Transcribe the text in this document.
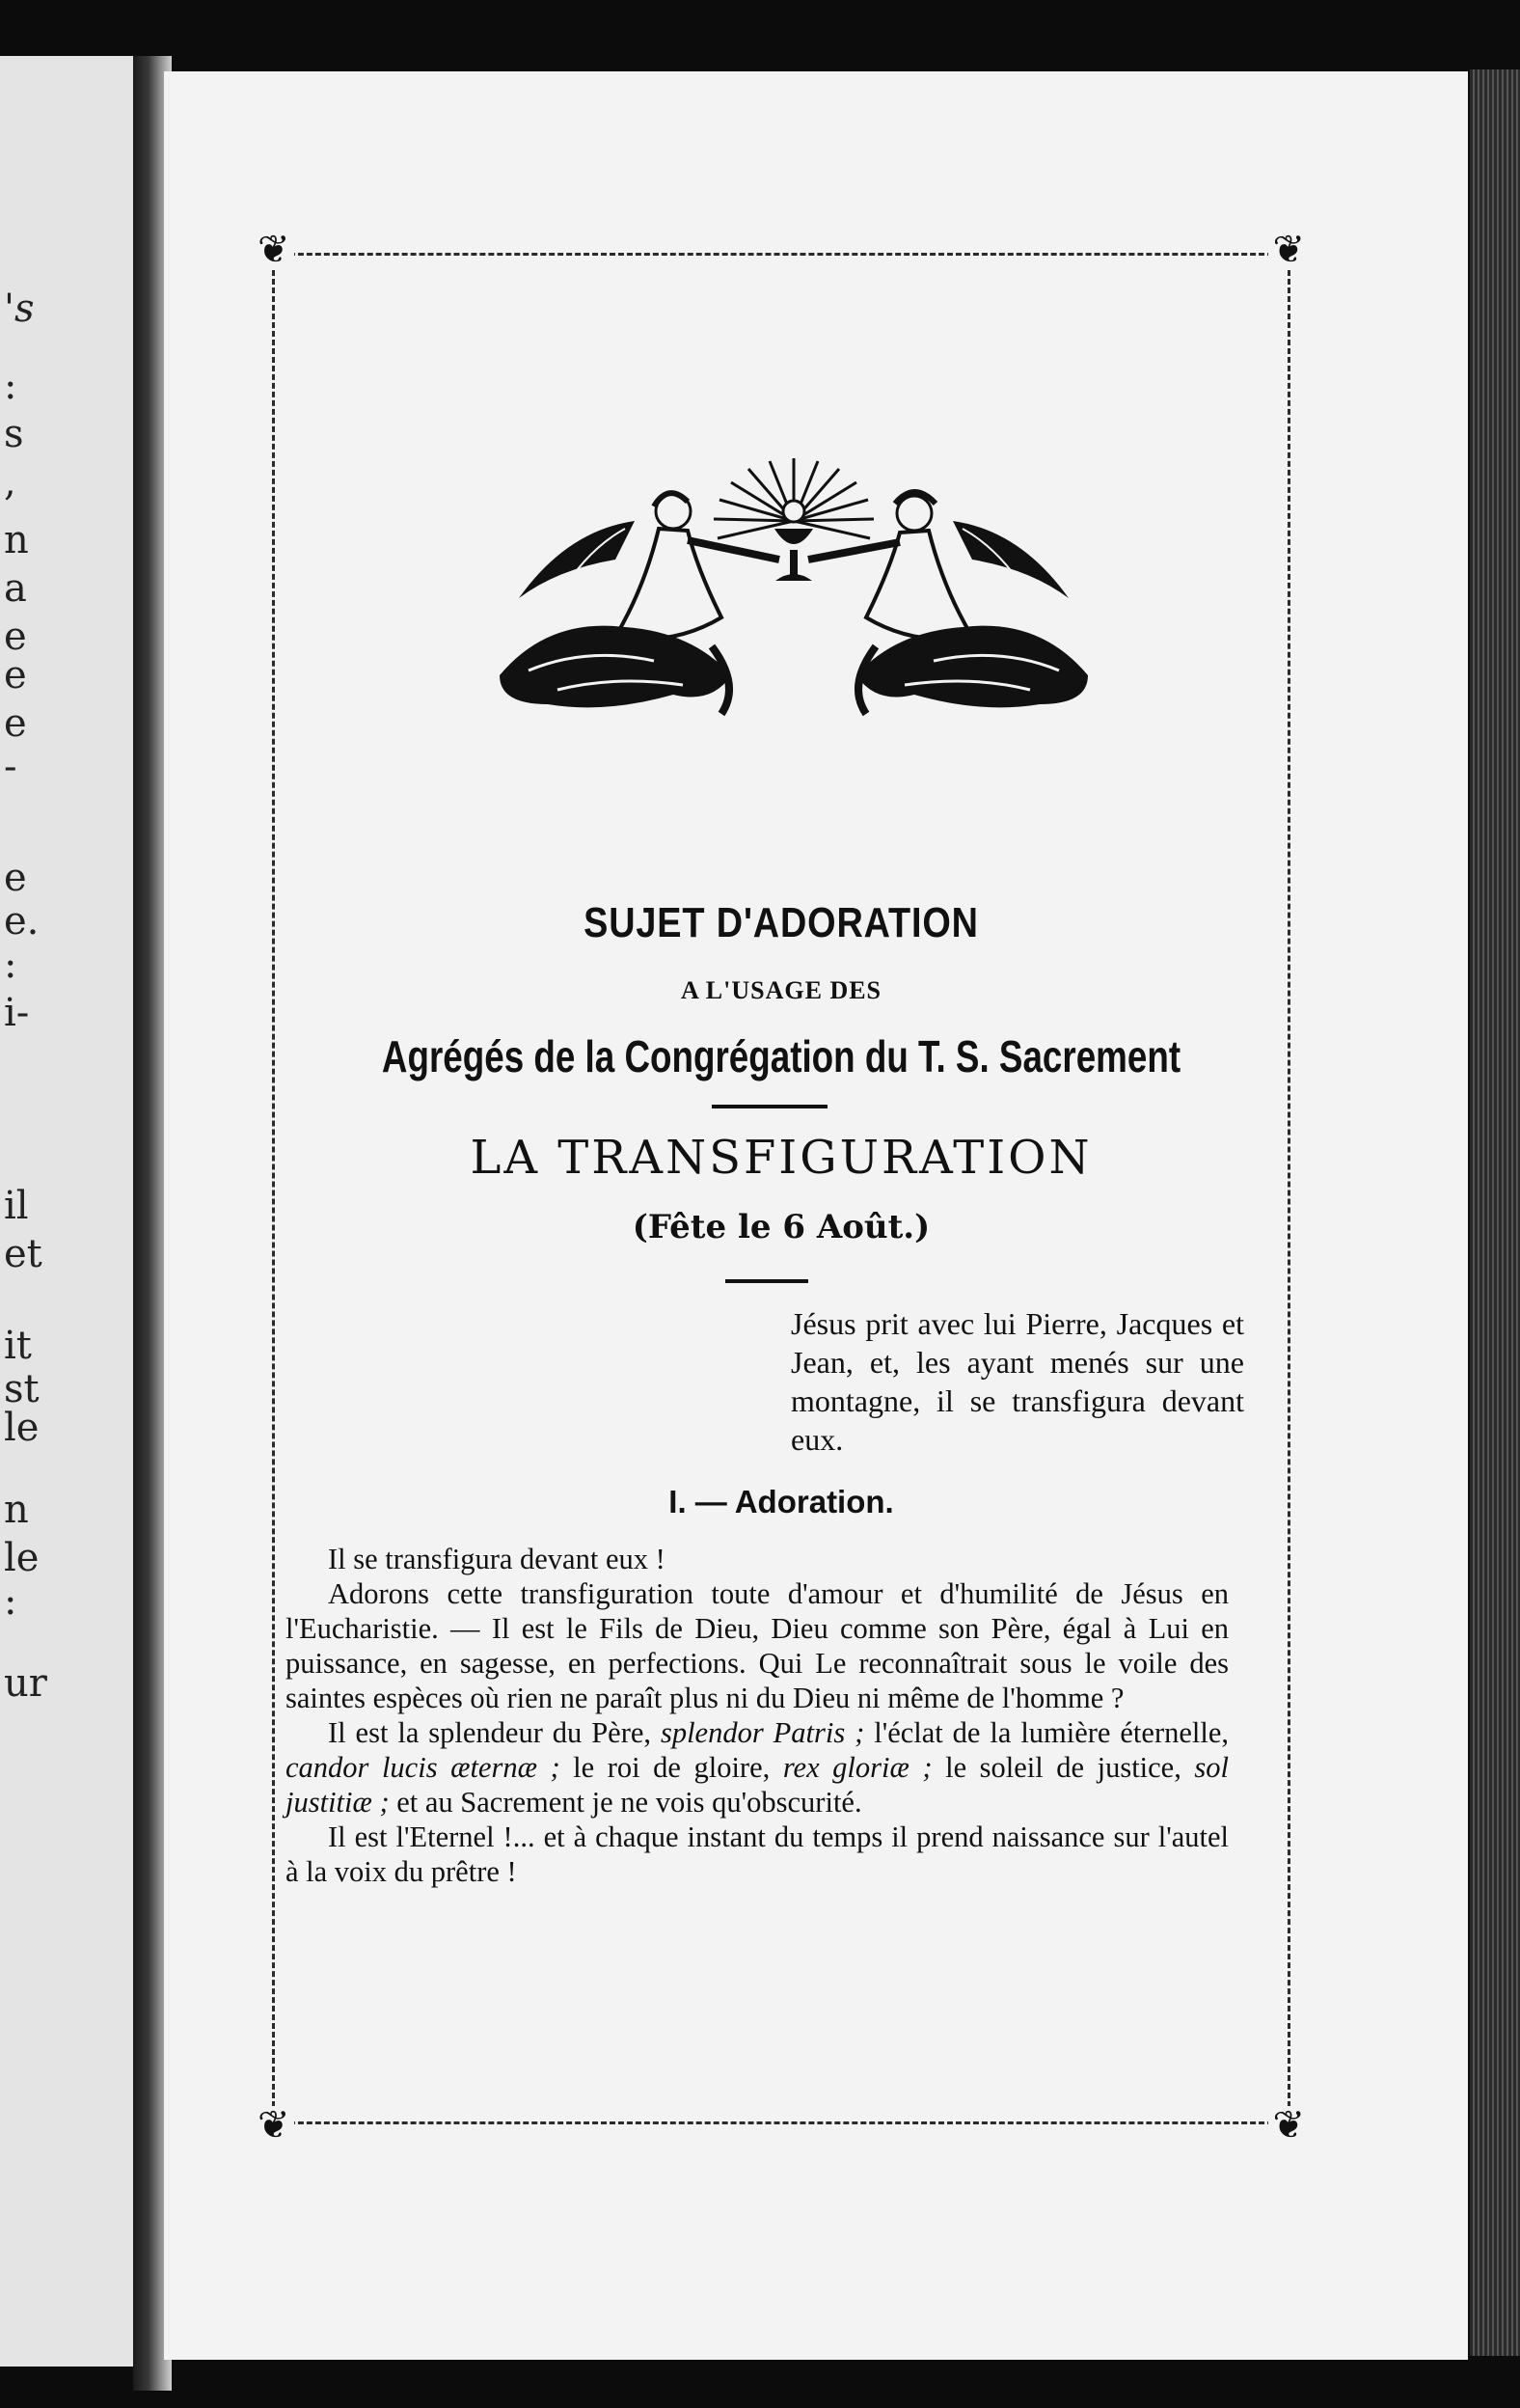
's
:
s
,
n
a
e
e
e
-
e
e.
:
i-
il
et
it
st
le
n
le
:
ur
❦	❦
❦	❦
SUJET D'ADORATION
A L'USAGE DES
Agrégés de la Congrégation du T. S. Sacrement
LA TRANSFIGURATION
(Fête le 6 Août.)
Jésus prit avec lui Pierre, Jacques et Jean, et, les ayant menés sur une montagne, il se transfigura devant eux.
I. — Adoration.

Il se transfigura devant eux !

Adorons cette transfiguration toute d'amour et d'humilité de Jésus en l'Eucharistie. — Il est le Fils de Dieu, Dieu comme son Père, égal à Lui en puissance, en sagesse, en perfections. Qui Le reconnaîtrait sous le voile des saintes espèces où rien ne paraît plus ni du Dieu ni même de l'homme ?

Il est la splendeur du Père, splendor Patris ; l'éclat de la lumière éternelle, candor lucis æternæ ; le roi de gloire, rex gloriæ ; le soleil de justice, sol justitiæ ; et au Sacrement je ne vois qu'obscurité.

Il est l'Eternel !... et à chaque instant du temps il prend naissance sur l'autel à la voix du prêtre !
